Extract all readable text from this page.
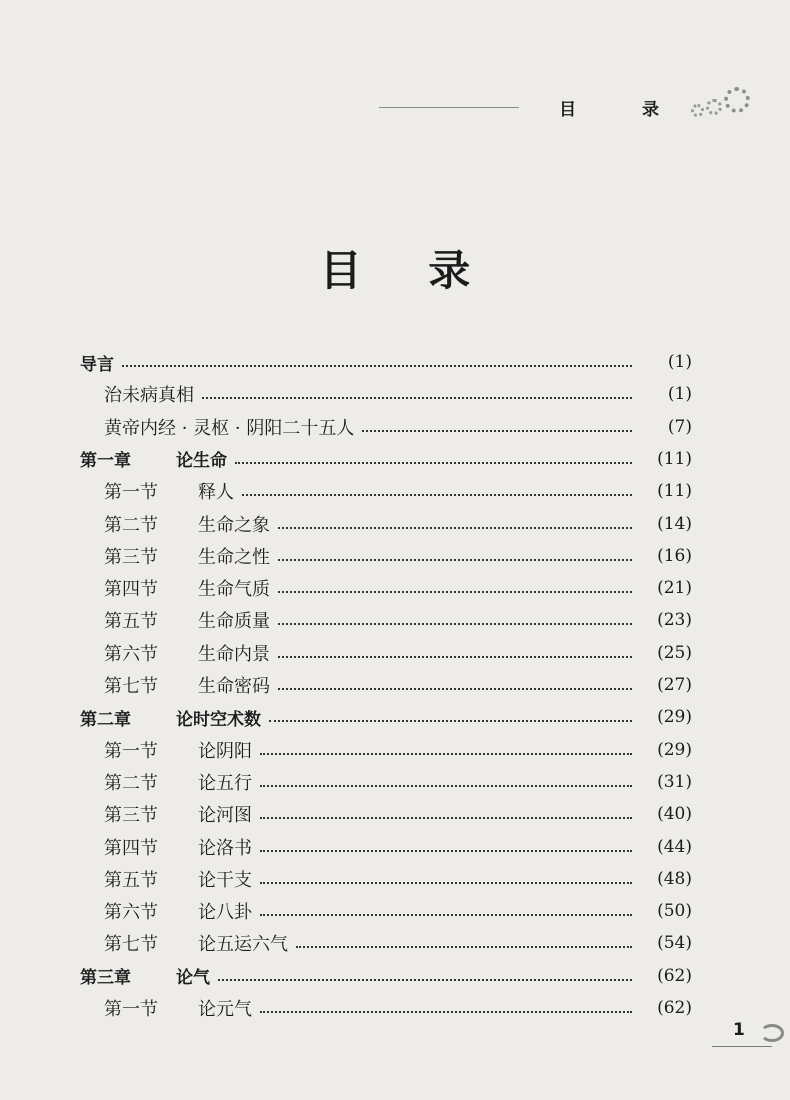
目 录
目 录
导言	(1)
治未病真相	(1)
黄帝内经 · 灵枢 · 阴阳二十五人	(7)
第一章	论生命	(11)
第一节	释人	(11)
第二节	生命之象	(14)
第三节	生命之性	(16)
第四节	生命气质	(21)
第五节	生命质量	(23)
第六节	生命内景	(25)
第七节	生命密码	(27)
第二章	论时空术数	(29)
第一节	论阴阳	(29)
第二节	论五行	(31)
第三节	论河图	(40)
第四节	论洛书	(44)
第五节	论干支	(48)
第六节	论八卦	(50)
第七节	论五运六气	(54)
第三章	论气	(62)
第一节	论元气	(62)
1
